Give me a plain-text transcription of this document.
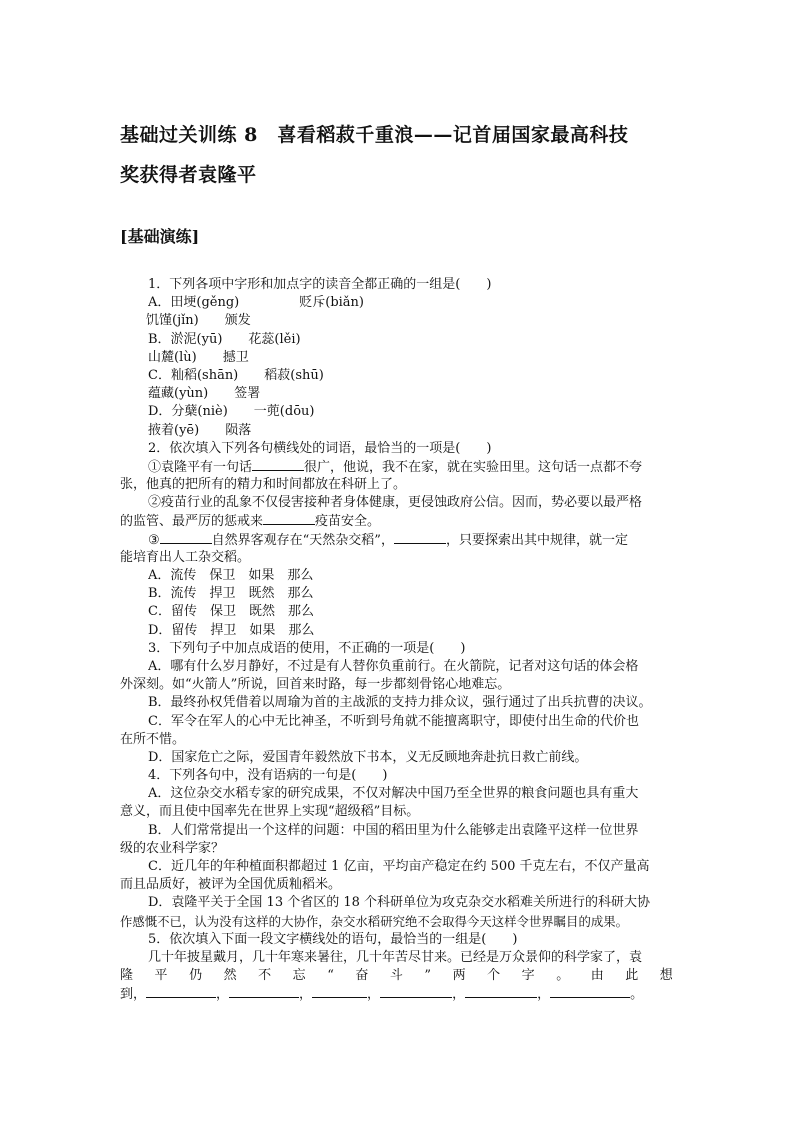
基础过关训练 8　喜看稻菽千重浪——记首届国家最高科技
奖获得者袁隆平
[基础演练]
1．下列各项中字形和加点字的读音全都正确的一组是(　　)
A．田埂(gěng)	贬斥(biǎn)
饥馑(jǐn) 颁发
B．淤泥(yū) 花蕊(lěi)
山麓(lù) 撼卫
C．籼稻(shān) 稻菽(shū)
蕴藏(yùn) 签署
D．分蘖(niè) 一蔸(dōu)
掖着(yē) 陨落
2．依次填入下列各句横线处的词语，最恰当的一项是(　　)
①袁隆平有一句话	很广，他说，我不在家，就在实验田里。这句话一点都不夸
张，他真的把所有的精力和时间都放在科研上了。
②疫苗行业的乱象不仅侵害接种者身体健康，更侵蚀政府公信。因而，势必要以最严格
的监管、最严厉的惩戒来	疫苗安全。
③	自然界客观存在“天然杂交稻”，	，只要探索出其中规律，就一定
能培育出人工杂交稻。
A．流传　保卫　如果　那么
B．流传　捍卫　既然　那么
C．留传　保卫　既然　那么
D．留传　捍卫　如果　那么
3．下列句子中加点成语的使用，不正确的一项是(　　)
A．哪有什么岁月静好，不过是有人替你负重前行。在火箭院，记者对这句话的体会格
外深刻。如“火箭人”所说，回首来时路，每一步都刻骨铭心地难忘。
B．最终孙权凭借着以周瑜为首的主战派的支持力排众议，强行通过了出兵抗曹的决议。
C．军令在军人的心中无比神圣，不听到号角就不能擅离职守，即使付出生命的代价也
在所不惜。
D．国家危亡之际，爱国青年毅然放下书本，义无反顾地奔赴抗日救亡前线。
4．下列各句中，没有语病的一句是(　　)
A．这位杂交水稻专家的研究成果，不仅对解决中国乃至全世界的粮食问题也具有重大
意义，而且使中国率先在世界上实现“超级稻”目标。
B．人们常常提出一个这样的问题：中国的稻田里为什么能够走出袁隆平这样一位世界
级的农业科学家？
C．近几年的年种植面积都超过 1 亿亩，平均亩产稳定在约 500 千克左右，不仅产量高
而且品质好，被评为全国优质籼稻米。
D．袁隆平关于全国 13 个省区的 18 个科研单位为攻克杂交水稻难关所进行的科研大协
作感慨不已，认为没有这样的大协作，杂交水稻研究绝不会取得今天这样令世界瞩目的成果。
5．依次填入下面一段文字横线处的语句，最恰当的一组是(　　)
几十年披星戴月，几十年寒来暑往，几十年苦尽甘来。已经是万众景仰的科学家了，袁
隆 平 仍 然 不 忘 “ 奋 斗 ” 两 个 字 。 由 此 想
到，	，	，	，	，	，	。
